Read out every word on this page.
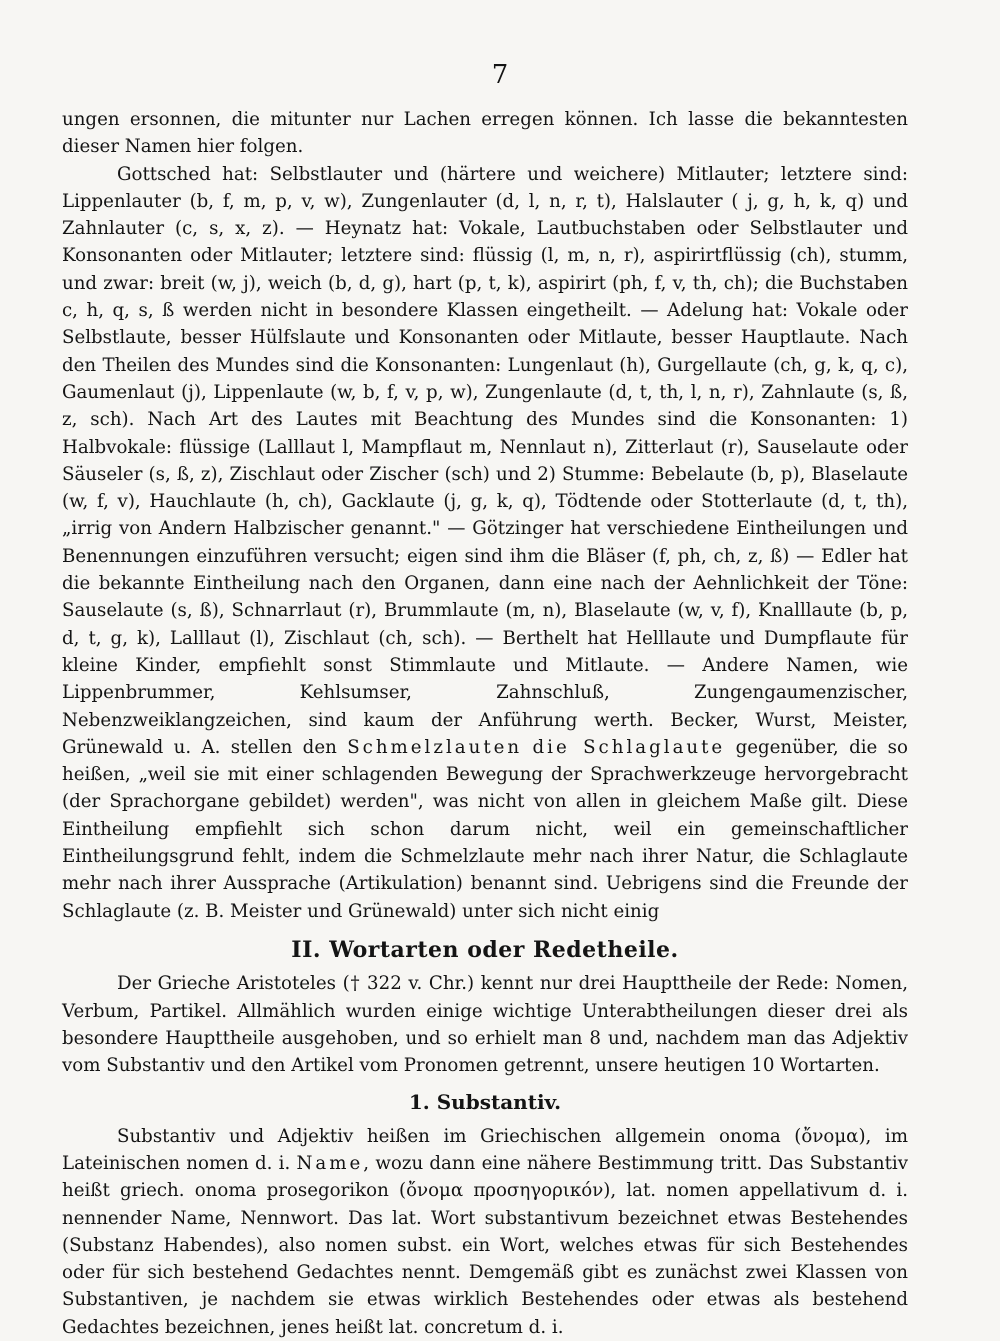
7

ungen ersonnen, die mitunter nur Lachen erregen können. Ich lasse die bekanntesten dieser Namen hier folgen.

Gottsched hat: Selbstlauter und (härtere und weichere) Mitlauter; letztere sind: Lippenlauter (b, f, m, p, v, w), Zungenlauter (d, l, n, r, t), Halslauter ( j, g, h, k, q) und Zahnlauter (c, s, x, z). — Heynatz hat: Vokale, Lautbuchstaben oder Selbstlauter und Konsonanten oder Mitlauter; letztere sind: flüssig (l, m, n, r), aspirirtflüssig (ch), stumm, und zwar: breit (w, j), weich (b, d, g), hart (p, t, k), aspirirt (ph, f, v, th, ch); die Buchstaben c, h, q, s, ß werden nicht in besondere Klassen eingetheilt. — Adelung hat: Vokale oder Selbstlaute, besser Hülfslaute und Konsonanten oder Mitlaute, besser Hauptlaute. Nach den Theilen des Mundes sind die Konsonanten: Lungenlaut (h), Gurgellaute (ch, g, k, q, c), Gaumenlaut (j), Lippenlaute (w, b, f, v, p, w), Zungenlaute (d, t, th, l, n, r), Zahnlaute (s, ß, z, sch). Nach Art des Lautes mit Beachtung des Mundes sind die Konsonanten: 1) Halbvokale: flüssige (Lalllaut l, Mampflaut m, Nennlaut n), Zitterlaut (r), Sauselaute oder Säuseler (s, ß, z), Zischlaut oder Zischer (sch) und 2) Stumme: Bebelaute (b, p), Blaselaute (w, f, v), Hauchlaute (h, ch), Gacklaute (j, g, k, q), Tödtende oder Stotterlaute (d, t, th), „irrig von Andern Halbzischer genannt." — Götzinger hat verschiedene Eintheilungen und Benennungen einzuführen versucht; eigen sind ihm die Bläser (f, ph, ch, z, ß) — Edler hat die bekannte Eintheilung nach den Organen, dann eine nach der Aehnlichkeit der Töne: Sauselaute (s, ß), Schnarrlaut (r), Brummlaute (m, n), Blaselaute (w, v, f), Knalllaute (b, p, d, t, g, k), Lalllaut (l), Zischlaut (ch, sch). — Berthelt hat Helllaute und Dumpflaute für kleine Kinder, empfiehlt sonst Stimmlaute und Mitlaute. — Andere Namen, wie Lippenbrummer, Kehlsumser, Zahnschluß, Zungengaumenzischer, Nebenzweiklangzeichen, sind kaum der Anführung werth. Becker, Wurst, Meister, Grünewald u. A. stellen den Schmelzlauten die Schlaglaute gegenüber, die so heißen, „weil sie mit einer schlagenden Bewegung der Sprachwerkzeuge hervorgebracht (der Sprachorgane gebildet) werden", was nicht von allen in gleichem Maße gilt. Diese Eintheilung empfiehlt sich schon darum nicht, weil ein gemeinschaftlicher Eintheilungsgrund fehlt, indem die Schmelzlaute mehr nach ihrer Natur, die Schlaglaute mehr nach ihrer Aussprache (Artikulation) benannt sind. Uebrigens sind die Freunde der Schlaglaute (z. B. Meister und Grünewald) unter sich nicht einig

II. Wortarten oder Redetheile.

Der Grieche Aristoteles († 322 v. Chr.) kennt nur drei Haupttheile der Rede: Nomen, Verbum, Partikel. Allmählich wurden einige wichtige Unterabtheilungen dieser drei als besondere Haupttheile ausgehoben, und so erhielt man 8 und, nachdem man das Adjektiv vom Substantiv und den Artikel vom Pronomen getrennt, unsere heutigen 10 Wortarten.

1. Substantiv.

Substantiv und Adjektiv heißen im Griechischen allgemein onoma (ὄνομα), im Lateinischen nomen d. i. Name, wozu dann eine nähere Bestimmung tritt. Das Substantiv heißt griech. onoma prosegorikon (ὄνομα προσηγορικόν), lat. nomen appellativum d. i. nennender Name, Nennwort. Das lat. Wort substantivum bezeichnet etwas Bestehendes (Substanz Habendes), also nomen subst. ein Wort, welches etwas für sich Bestehendes oder für sich bestehend Gedachtes nennt. Demgemäß gibt es zunächst zwei Klassen von Substantiven, je nachdem sie etwas wirklich Bestehendes oder etwas als bestehend Gedachtes bezeichnen, jenes heißt lat. concretum d. i.
